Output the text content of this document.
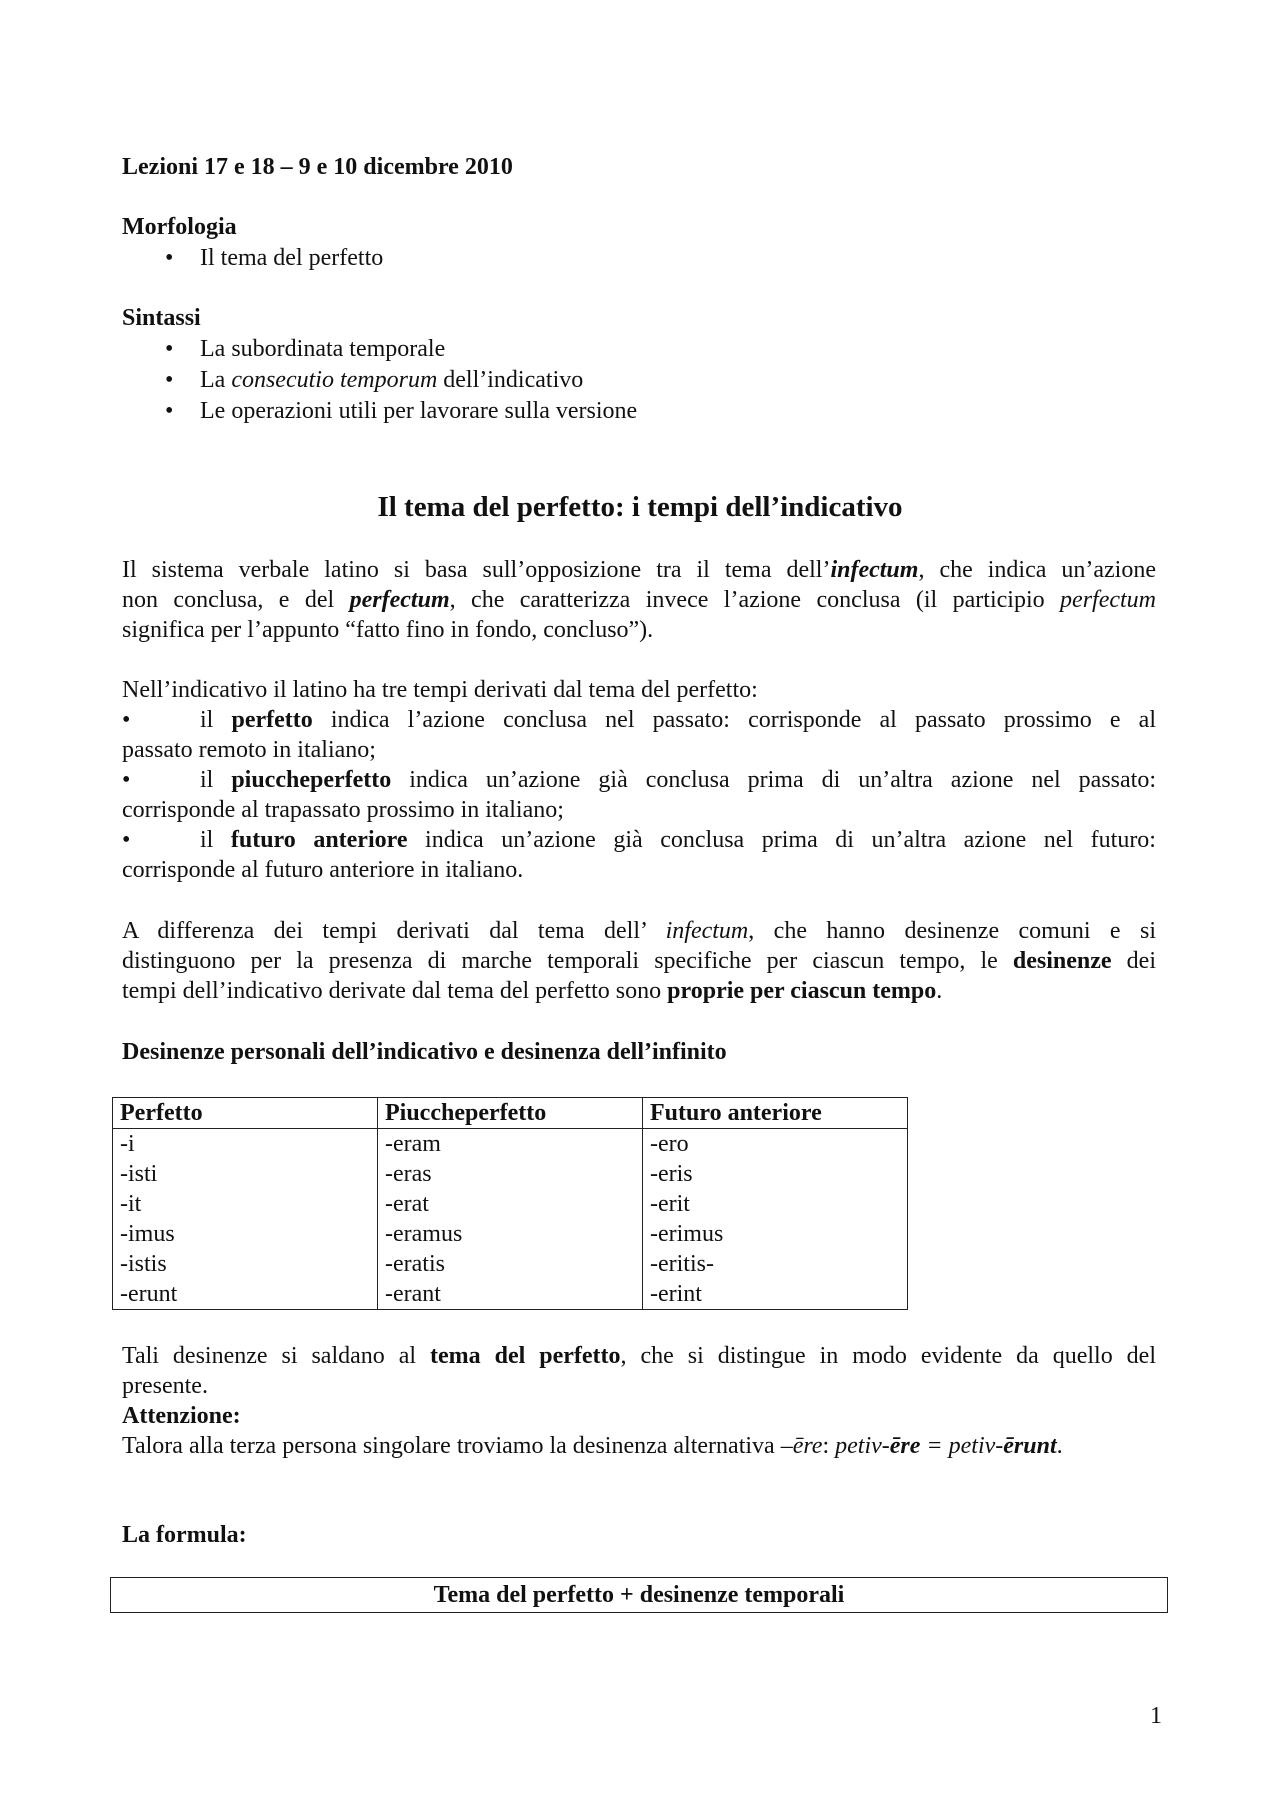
Lezioni 17 e 18 – 9 e 10 dicembre 2010

Morfologia

• Il tema del perfetto

Sintassi

• La subordinata temporale
• La consecutio temporum dell’indicativo
• Le operazioni utili per lavorare sulla versione
Il tema del perfetto: i tempi dell’indicativo
Il sistema verbale latino si basa sull’opposizione tra il tema dell’infectum, che indica un’azione
non conclusa, e del perfectum, che caratterizza invece l’azione conclusa (il participio perfectum
significa per l’appunto “fatto fino in fondo, concluso”).
Nell’indicativo il latino ha tre tempi derivati dal tema del perfetto:
•	il perfetto indica l’azione conclusa nel passato: corrisponde al passato prossimo e al
passato remoto in italiano;
•	il piuccheperfetto indica un’azione già conclusa prima di un’altra azione nel passato:
corrisponde al trapassato prossimo in italiano;
•	il futuro anteriore indica un’azione già conclusa prima di un’altra azione nel futuro:
corrisponde al futuro anteriore in italiano.
A differenza dei tempi derivati dal tema dell’ infectum, che hanno desinenze comuni e si
distinguono per la presenza di marche temporali specifiche per ciascun tempo, le desinenze dei
tempi dell’indicativo derivate dal tema del perfetto sono proprie per ciascun tempo.

Desinenze personali dell’indicativo e desinenza dell’infinito

Perfetto	Piuccheperfetto	Futuro anteriore
-i	-eram	-ero
-isti	-eras	-eris
-it	-erat	-erit
-imus	-eramus	-erimus
-istis	-eratis	-eritis-
-erunt	-erant	-erint
Tali desinenze si saldano al tema del perfetto, che si distingue in modo evidente da quello del
presente.

Attenzione:

Talora alla terza persona singolare troviamo la desinenza alternativa –ēre: petiv-ēre = petiv-ērunt.

La formula:

Tema del perfetto + desinenze temporali
1
